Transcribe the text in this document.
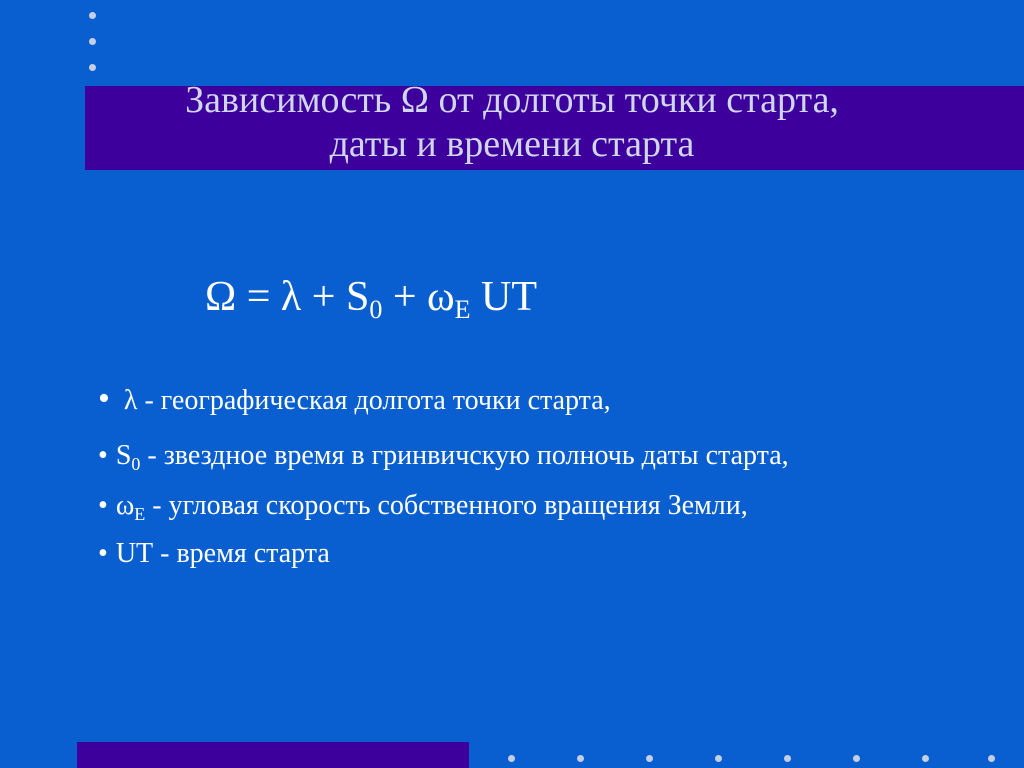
Зависимость Ω от долготы точки старта,
даты и времени старта
$\Omega = \lambda + S_0 + \omega_E$ UT
• λ - географическая долгота точки старта,
• $S_0$ - звездное время в гринвичскую полночь даты старта,
• $\omega_E$ - угловая скорость собственного вращения Земли,
• UT - время старта
